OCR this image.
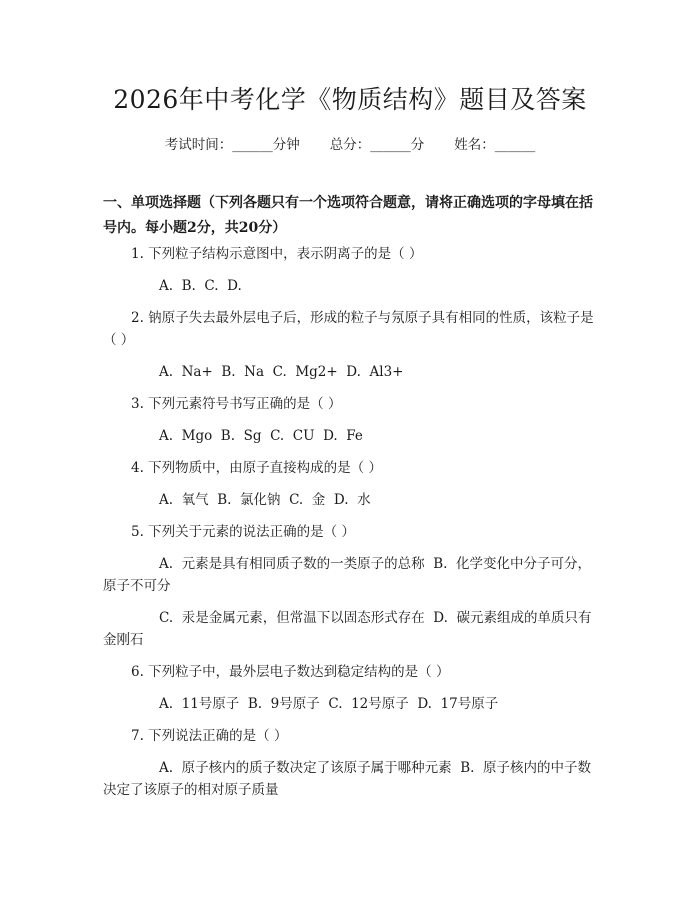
2026年中考化学《物质结构》题目及答案
考试时间：______分钟 总分：______分 姓名：______

一、单项选择题（下列各题只有一个选项符合题意，请将正确选项的字母填在括号内。每小题2分，共20分）

1. 下列粒子结构示意图中，表示阴离子的是（ ）

A.  B.  C.  D.

2. 钠原子失去最外层电子后，形成的粒子与氖原子具有相同的性质，该粒子是（ ）

A.  Na+  B.  Na  C.  Mg2+  D.  Al3+

3. 下列元素符号书写正确的是（ ）

A.  Mgo  B.  Sg  C.  CU  D.  Fe

4. 下列物质中，由原子直接构成的是（ ）

A.  氧气  B.  氯化钠  C.  金  D.  水

5. 下列关于元素的说法正确的是（ ）

A.  元素是具有相同质子数的一类原子的总称  B.  化学变化中分子可分，原子不可分

C.  汞是金属元素，但常温下以固态形式存在  D.  碳元素组成的单质只有金刚石

6. 下列粒子中，最外层电子数达到稳定结构的是（ ）

A.  11号原子  B.  9号原子  C.  12号原子  D.  17号原子

7. 下列说法正确的是（ ）

A.  原子核内的质子数决定了该原子属于哪种元素  B.  原子核内的中子数决定了该原子的相对原子质量
